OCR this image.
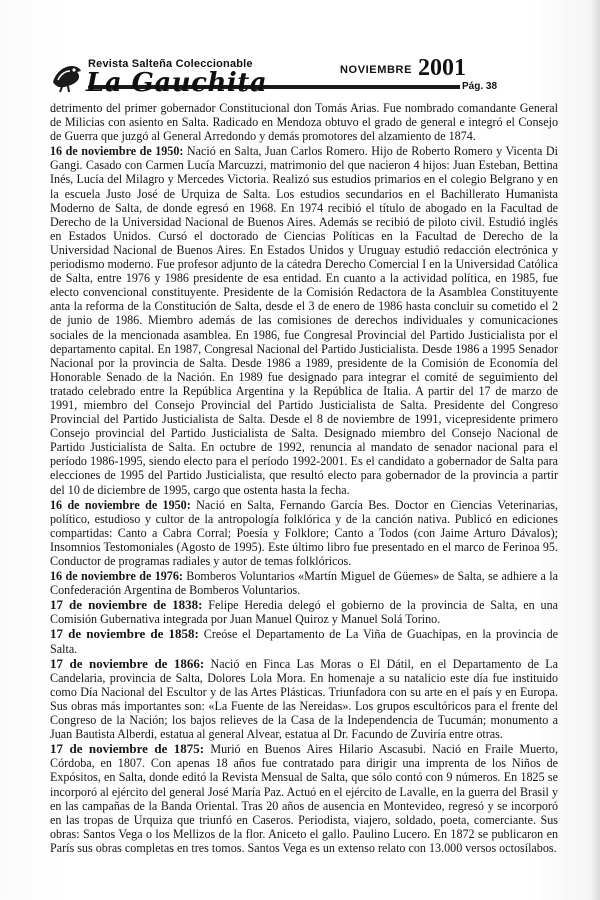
Revista Salteña Coleccionable
La Gauchita	NOVIEMBRE 2001
Pág. 38

detrimento del primer gobernador Constitucional don Tomás Arias. Fue nombrado comandante General de Milicias con asiento en Salta. Radicado en Mendoza obtuvo el grado de general e integró el Consejo de Guerra que juzgó al General Arredondo y demás promotores del alzamiento de 1874.

16 de noviembre de 1950: Nació en Salta, Juan Carlos Romero. Hijo de Roberto Romero y Vicenta Di Gangi. Casado con Carmen Lucía Marcuzzi, matrimonio del que nacieron 4 hijos: Juan Esteban, Bettina Inés, Lucía del Milagro y Mercedes Victoria. Realizó sus estudios primarios en el colegio Belgrano y en la escuela Justo José de Urquiza de Salta. Los estudios secundarios en el Bachillerato Humanista Moderno de Salta, de donde egresó en 1968. En 1974 recibió el título de abogado en la Facultad de Derecho de la Universidad Nacional de Buenos Aires. Además se recibió de piloto civil. Estudió inglés en Estados Unidos. Cursó el doctorado de Ciencias Políticas en la Facultad de Derecho de la Universidad Nacional de Buenos Aires. En Estados Unidos y Uruguay estudió redacción electrónica y periodismo moderno. Fue profesor adjunto de la cátedra Derecho Comercial I en la Universidad Católica de Salta, entre 1976 y 1986 presidente de esa entidad. En cuanto a la actividad política, en 1985, fue electo convencional constituyente. Presidente de la Comisión Redactora de la Asamblea Constituyente anta la reforma de la Constitución de Salta, desde el 3 de enero de 1986 hasta concluir su cometido el 2 de junio de 1986. Miembro además de las comisiones de derechos individuales y comunicaciones sociales de la mencionada asamblea. En 1986, fue Congresal Provincial del Partido Justicialista por el departamento capital. En 1987, Congresal Nacional del Partido Justicialista. Desde 1986 a 1995 Senador Nacional por la provincia de Salta. Desde 1986 a 1989, presidente de la Comisión de Economía del Honorable Senado de la Nación. En 1989 fue designado para integrar el comité de seguimiento del tratado celebrado entre la República Argentina y la República de Italia. A partir del 17 de marzo de 1991, miembro del Consejo Provincial del Partido Justicialista de Salta. Presidente del Congreso Provincial del Partido Justicialista de Salta. Desde el 8 de noviembre de 1991, vicepresidente primero Consejo provincial del Partido Justicialista de Salta. Designado miembro del Consejo Nacional de Partido Justicialista de Salta. En octubre de 1992, renuncia al mandato de senador nacional para el período 1986-1995, siendo electo para el período 1992-2001. Es el candidato a gobernador de Salta para elecciones de 1995 del Partido Justicialista, que resultó electo para gobernador de la provincia a partir del 10 de diciembre de 1995, cargo que ostenta hasta la fecha.

16 de noviembre de 1950: Nació en Salta, Fernando García Bes. Doctor en Ciencias Veterinarias, político, estudioso y cultor de la antropología folklórica y de la canción nativa. Publicó en ediciones compartidas: Canto a Cabra Corral; Poesía y Folklore; Canto a Todos (con Jaime Arturo Dávalos); Insomnios Testomoniales (Agosto de 1995). Este último libro fue presentado en el marco de Ferinoa 95. Conductor de programas radiales y autor de temas folklóricos.

16 de noviembre de 1976: Bomberos Voluntarios «Martín Miguel de Güemes» de Salta, se adhiere a la Confederación Argentina de Bomberos Voluntarios.

17 de noviembre de 1838: Felipe Heredia delegó el gobierno de la provincia de Salta, en una Comisión Gubernativa integrada por Juan Manuel Quiroz y Manuel Solá Torino.

17 de noviembre de 1858: Creóse el Departamento de La Viña de Guachipas, en la provincia de Salta.

17 de noviembre de 1866: Nació en Finca Las Moras o El Dátil, en el Departamento de La Candelaria, provincia de Salta, Dolores Lola Mora. En homenaje a su natalicio este día fue instituido como Día Nacional del Escultor y de las Artes Plásticas. Triunfadora con su arte en el país y en Europa. Sus obras más importantes son: «La Fuente de las Nereidas». Los grupos escultóricos para el frente del Congreso de la Nación; los bajos relieves de la Casa de la Independencia de Tucumán; monumento a Juan Bautista Alberdi, estatua al general Alvear, estatua al Dr. Facundo de Zuviría entre otras.

17 de noviembre de 1875: Murió en Buenos Aires Hilario Ascasubi. Nació en Fraile Muerto, Córdoba, en 1807. Con apenas 18 años fue contratado para dirigir una imprenta de los Niños de Expósitos, en Salta, donde editó la Revista Mensual de Salta, que sólo contó con 9 números. En 1825 se incorporó al ejército del general José María Paz. Actuó en el ejército de Lavalle, en la guerra del Brasil y en las campañas de la Banda Oriental. Tras 20 años de ausencia en Montevideo, regresó y se incorporó en las tropas de Urquiza que triunfó en Caseros. Periodista, viajero, soldado, poeta, comerciante. Sus obras: Santos Vega o los Mellizos de la flor. Aniceto el gallo. Paulino Lucero. En 1872 se publicaron en París sus obras completas en tres tomos. Santos Vega es un extenso relato con 13.000 versos octosílabos.
